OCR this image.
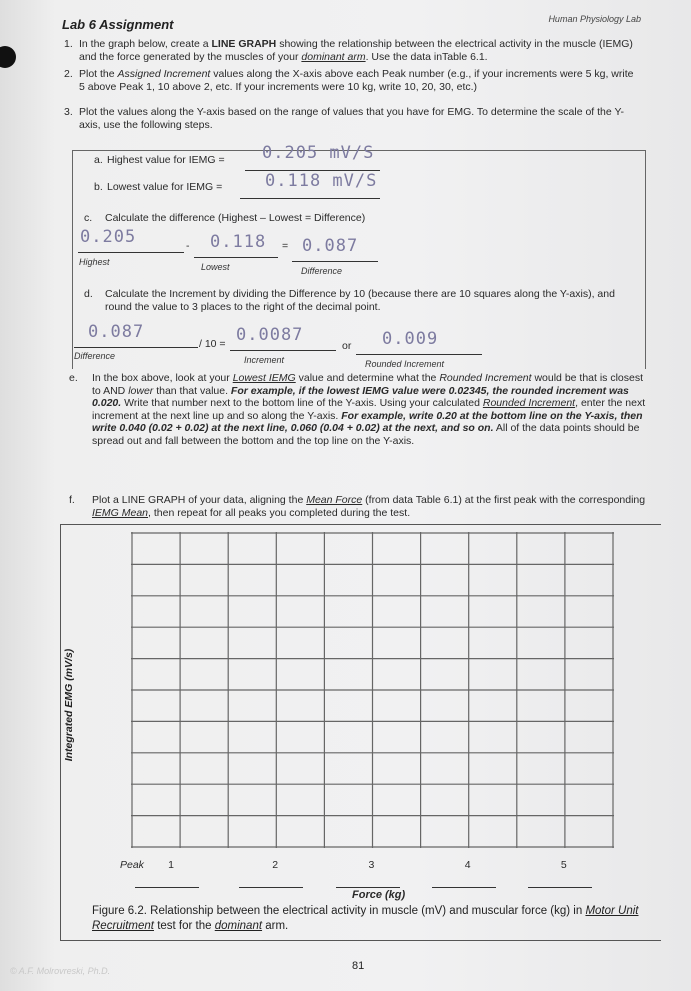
Human Physiology Lab
Lab 6 Assignment
1. In the graph below, create a LINE GRAPH showing the relationship between the electrical activity in the muscle (IEMG) and the force generated by the muscles of your dominant arm. Use the data inTable 6.1.
2. Plot the Assigned Increment values along the X-axis above each Peak number (e.g., if your increments were 5 kg, write 5 above Peak 1, 10 above 2, etc. If your increments were 10 kg, write 10, 20, 30, etc.)
3. Plot the values along the Y-axis based on the range of values that you have for EMG. To determine the scale of the Y-axis, use the following steps.
a. Highest value for IEMG = 0.205 mV/S
b. Lowest value for IEMG =	0.118 mV/S
c. Calculate the difference (Highest – Lowest = Difference)
0.205	- 0.118 = 0.087
Highest	Lowest	Difference
d. Calculate the Increment by dividing the Difference by 10 (because there are 10 squares along the Y-axis), and round the value to 3 places to the right of the decimal point.
0.087
/ 10 = 0.0087
or 0.009
Difference	Increment	Rounded Increment
e. In the box above, look at your Lowest IEMG value and determine what the Rounded Increment would be that is closest to AND lower than that value. For example, if the lowest IEMG value were 0.02345, the rounded increment was 0.020. Write that number next to the bottom line of the Y-axis. Using your calculated Rounded Increment, enter the next increment at the next line up and so along the Y-axis. For example, write 0.20 at the bottom line on the Y-axis, then write 0.040 (0.02 + 0.02) at the next line, 0.060 (0.04 + 0.02) at the next, and so on. All of the data points should be spread out and fall between the bottom and the top line on the Y-axis.
f. Plot a LINE GRAPH of your data, aligning the Mean Force (from data Table 6.1) at the first peak with the corresponding IEMG Mean, then repeat for all peaks you completed during the test.
Integrated EMG (mV/s)
Peak 1	2	3	4	5
Force (kg)
Figure 6.2. Relationship between the electrical activity in muscle (mV) and muscular force (kg) in Motor Unit Recruitment test for the dominant arm.
© A.F. Molrovreski, Ph.D.	81
